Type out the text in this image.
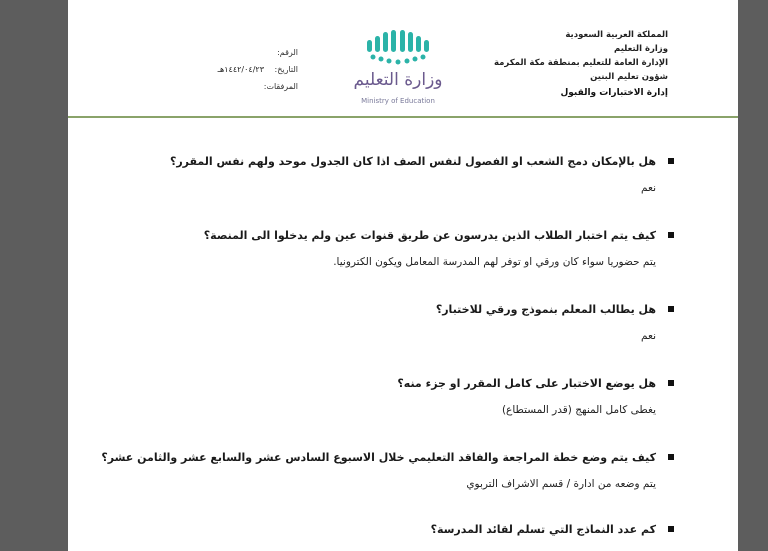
المملكة العربية السعودية
وزارة التعليم
الإدارة العامة للتعليم بمنطقة مكة المكرمة
شؤون تعليم البنين
إدارة الاختبارات والقبول
وزارة التعليم
Ministry of Education
الرقم:
التاريخ: ١٤٤٢/٠٤/٢٣هـ
المرفقات:
هل بالإمكان دمج الشعب او الفصول لنفس الصف اذا كان الجدول موحد ولهم نفس المقرر؟
نعم
كيف يتم اختبار الطلاب الذين يدرسون عن طريق قنوات عين ولم يدخلوا الى المنصة؟
يتم حضوريا سواء كان ورقي او توفر لهم المدرسة المعامل ويكون الكترونيا.
هل يطالب المعلم بنموذج ورقي للاختبار؟
نعم
هل يوضع الاختبار على كامل المقرر او جزء منه؟
يغطى كامل المنهج (قدر المستطاع)
كيف يتم وضع خطة المراجعة والفاقد التعليمي خلال الاسبوع السادس عشر والسابع عشر والثامن عشر؟
يتم وضعه من ادارة / قسم الاشراف التربوي
كم عدد النماذج التي تسلم لقائد المدرسة؟
